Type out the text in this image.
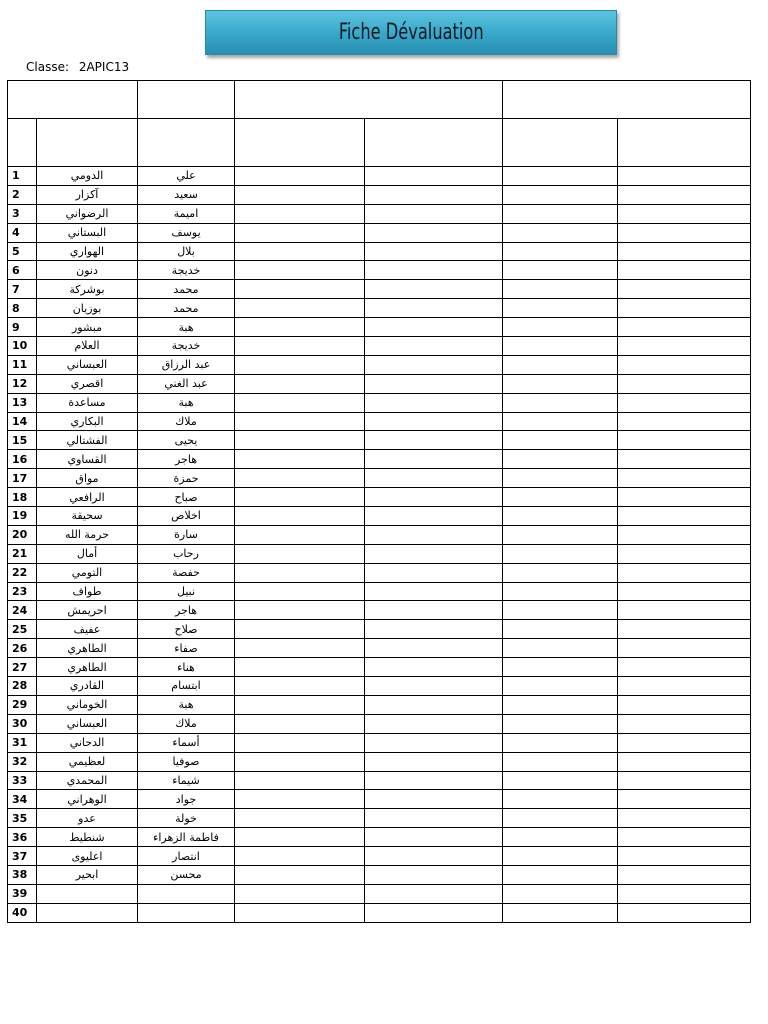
Fiche Dévaluation
Classe: 2APIC13

1	الدومي	علي				
2	آكزار	سعيد				
3	الرضواني	اميمة				
4	البستاني	يوسف				
5	الهواري	بلال				
6	دنون	خديجة				
7	بوشركة	محمد				
8	بوزيان	محمد				
9	مبشور	هبة				
10	العلام	خديجة				
11	العبساني	عبد الرزاق				
12	اقصري	عبد الغني				
13	مساعدة	هبة				
14	البكاري	ملاك				
15	الفشتالي	يحيى				
16	القساوي	هاجر				
17	مواق	حمزة				
18	الرافعي	صباح				
19	سحيقة	اخلاص				
20	حرمة الله	سارة				
21	أمال	رحاب				
22	التومي	حفصة				
23	طواف	نبيل				
24	احريمش	هاجر				
25	عفيف	صلاح				
26	الطاهري	صفاء				
27	الطاهري	هناء				
28	القادري	ابتسام				
29	الخوماني	هبة				
30	العبساني	ملاك				
31	الدحاني	أسماء				
32	لعظيمي	صوفيا				
33	المحمدي	شيماء				
34	الوهراني	جواد				
35	عدو	خولة				
36	شنطيط	فاطمة الزهراء				
37	اعليوى	انتصار				
38	ابحير	محسن				
39						
40						
